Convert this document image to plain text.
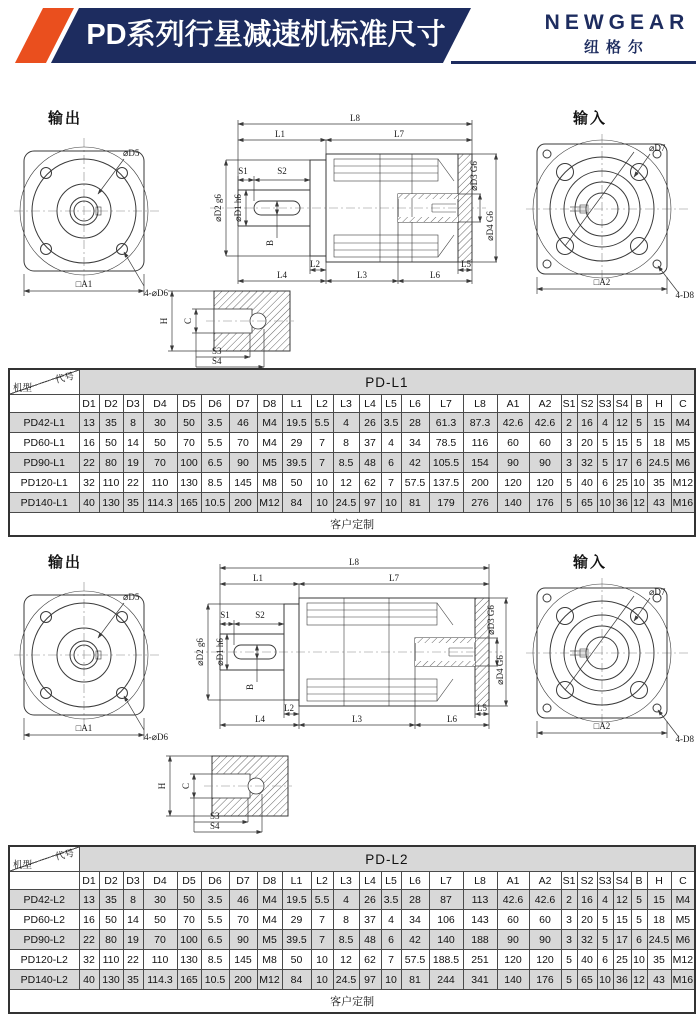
PD系列行星减速机标准尺寸	NEWGEAR
纽格尔
输出	输入
⌀D5
□A1
4-⌀D6
L8
L1	L7
S1	S2
⌀D2 g6 ⌀D1 h6
B
⌀D3 G6
⌀D4 G6
L2	L5
L4	L3	L6
⌀D7
□A2
4-D8
H C
S3
S4
代号
机型	PD-L1																								
	D1	D2	D3	D4	D5	D6	D7	D8	L1	L2	L3	L4	L5	L6	L7	L8	A1	A2	S1	S2	S3	S4	B	H	C
PD42-L1	13	35	8	30	50	3.5	46	M4	19.5	5.5	4	26	3.5	28	61.3	87.3	42.6	42.6	2	16	4	12	5	15	M4
PD60-L1	16	50	14	50	70	5.5	70	M4	29	7	8	37	4	34	78.5	116	60	60	3	20	5	15	5	18	M5
PD90-L1	22	80	19	70	100	6.5	90	M5	39.5	7	8.5	48	6	42	105.5	154	90	90	3	32	5	17	6	24.5	M6
PD120-L1	32	110	22	110	130	8.5	145	M8	50	10	12	62	7	57.5	137.5	200	120	120	5	40	6	25	10	35	M12
PD140-L1	40	130	35	114.3	165	10.5	200	M12	84	10	24.5	97	10	81	179	276	140	176	5	65	10	36	12	43	M16
客户定制																									
输出	输入
⌀D5
□A1
4-⌀D6
L8
L1	L7
S1	S2
⌀D2 g6 ⌀D1 h6
B
⌀D3 G6
⌀D4 G6
L2	L5
L4	L3	L6
⌀D7
□A2
4-D8
H C
S3
S4
代号
机型	PD-L2																								
	D1	D2	D3	D4	D5	D6	D7	D8	L1	L2	L3	L4	L5	L6	L7	L8	A1	A2	S1	S2	S3	S4	B	H	C
PD42-L2	13	35	8	30	50	3.5	46	M4	19.5	5.5	4	26	3.5	28	87	113	42.6	42.6	2	16	4	12	5	15	M4
PD60-L2	16	50	14	50	70	5.5	70	M4	29	7	8	37	4	34	106	143	60	60	3	20	5	15	5	18	M5
PD90-L2	22	80	19	70	100	6.5	90	M5	39.5	7	8.5	48	6	42	140	188	90	90	3	32	5	17	6	24.5	M6
PD120-L2	32	110	22	110	130	8.5	145	M8	50	10	12	62	7	57.5	188.5	251	120	120	5	40	6	25	10	35	M12
PD140-L2	40	130	35	114.3	165	10.5	200	M12	84	10	24.5	97	10	81	244	341	140	176	5	65	10	36	12	43	M16
客户定制																									
